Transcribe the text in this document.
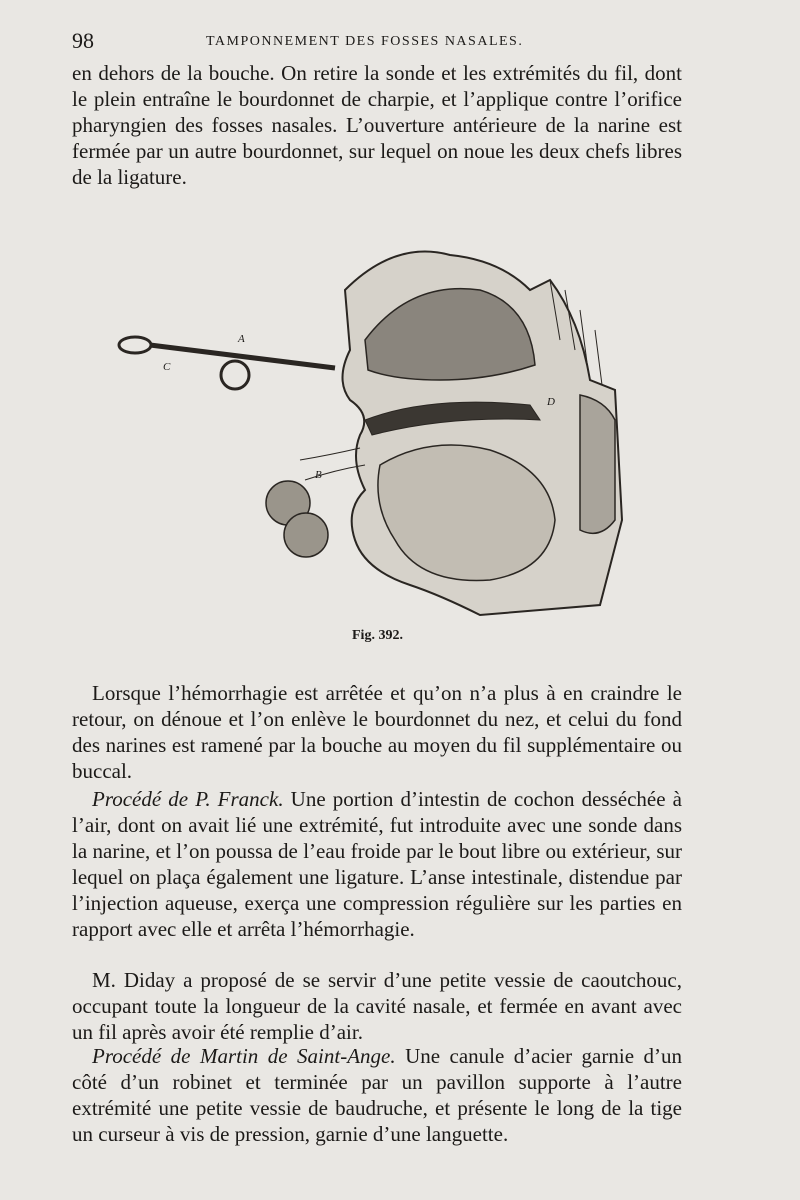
98	TAMPONNEMENT DES FOSSES NASALES.

en dehors de la bouche. On retire la sonde et les extrémités du fil, dont le plein entraîne le bourdonnet de charpie, et l’applique contre l’orifice pharyngien des fosses nasales. L’ouverture antérieure de la narine est fermée par un autre bourdonnet, sur lequel on noue les deux chefs libres de la ligature.

A
B
C
D
Fig. 392.

Lorsque l’hémorrhagie est arrêtée et qu’on n’a plus à en craindre le retour, on dénoue et l’on enlève le bourdonnet du nez, et celui du fond des narines est ramené par la bouche au moyen du fil supplémentaire ou buccal.

Procédé de P. Franck. Une portion d’intestin de cochon desséchée à l’air, dont on avait lié une extrémité, fut introduite avec une sonde dans la narine, et l’on poussa de l’eau froide par le bout libre ou extérieur, sur lequel on plaça également une ligature. L’anse intestinale, distendue par l’injection aqueuse, exerça une compression régulière sur les parties en rapport avec elle et arrêta l’hémorrhagie.

M. Diday a proposé de se servir d’une petite vessie de caoutchouc, occupant toute la longueur de la cavité nasale, et fermée en avant avec un fil après avoir été remplie d’air.

Procédé de Martin de Saint-Ange. Une canule d’acier garnie d’un côté d’un robinet et terminée par un pavillon supporte à l’autre extrémité une petite vessie de baudruche, et présente le long de la tige un curseur à vis de pression, garnie d’une languette.
